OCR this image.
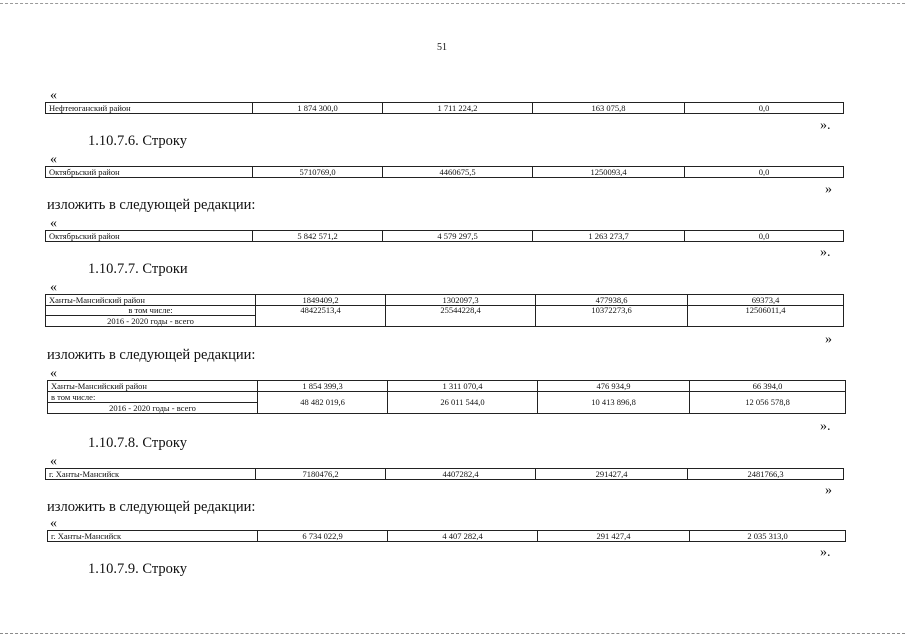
51
«
Нефтеюганский район	1 874 300,0	1 711 224,2	163 075,8	0,0
».
1.10.7.6. Строку
«
Октябрьский район	5710769,0	4460675,5	1250093,4	0,0
»
изложить в следующей редакции:
«
Октябрьский район	5 842 571,2	4 579 297,5	1 263 273,7	0,0
».
1.10.7.7. Строки
«
Ханты-Мансийский район	1849409,2	1302097,3	477938,6	69373,4
в том числе:	48422513,4	25544228,4	10372273,6	12506011,4
2016 - 2020 годы - всего				
»
изложить в следующей редакции:
«
Ханты-Мансийский район	1 854 399,3	1 311 070,4	476 934,9	66 394,0
в том числе:	48 482 019,6	26 011 544,0	10 413 896,8	12 056 578,8
2016 - 2020 годы - всего				
».
1.10.7.8. Строку
«
г. Ханты-Мансийск	7180476,2	4407282,4	291427,4	2481766,3
»
изложить в следующей редакции:
«
г. Ханты-Мансийск	6 734 022,9	4 407 282,4	291 427,4	2 035 313,0
».
1.10.7.9. Строку
